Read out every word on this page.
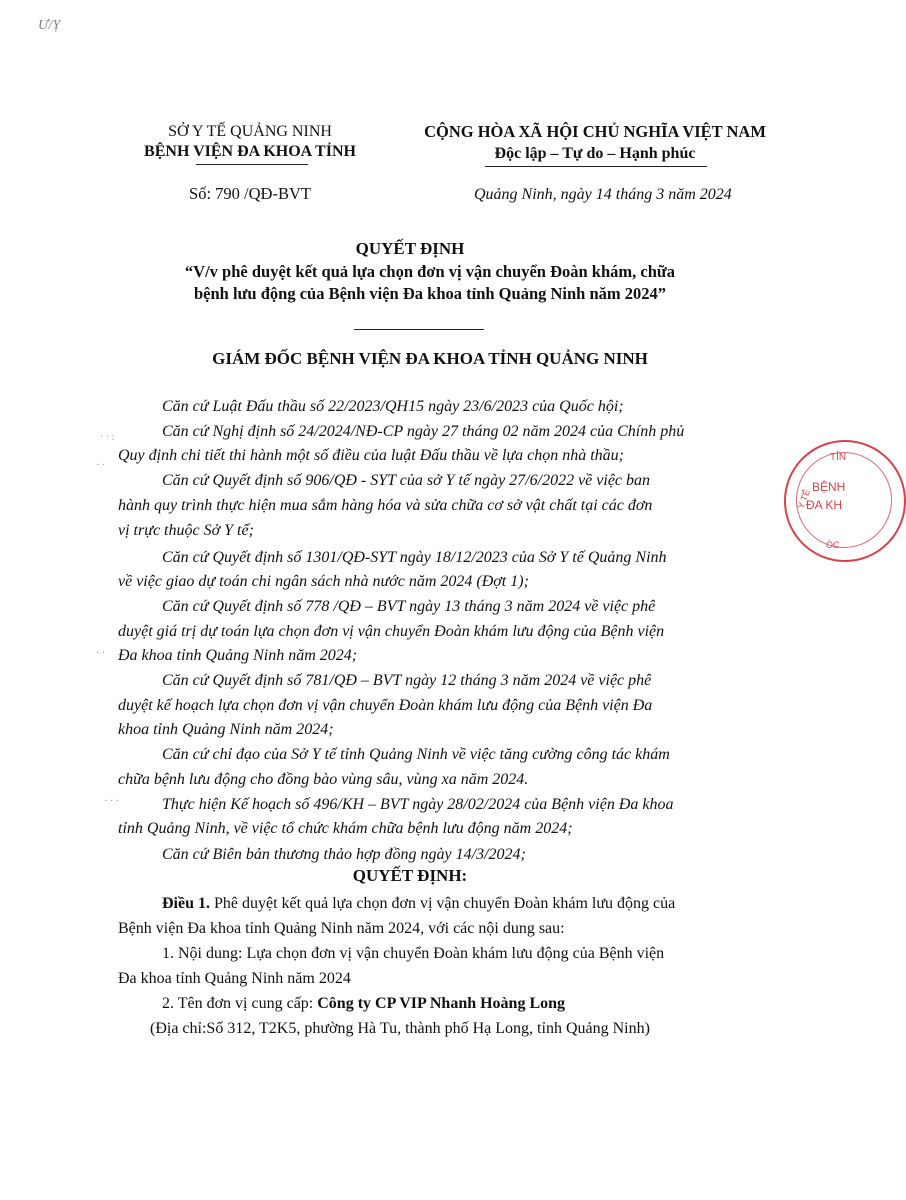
Ư/Ỵ
SỞ Y TẾ QUẢNG NINH
BỆNH VIỆN ĐA KHOA TỈNH
Số: 790 /QĐ-BVT
CỘNG HÒA XÃ HỘI CHỦ NGHĨA VIỆT NAM
Độc lập – Tự do – Hạnh phúc
Quảng Ninh, ngày 14 tháng 3 năm 2024
QUYẾT ĐỊNH
“V/v phê duyệt kết quả lựa chọn đơn vị vận chuyển Đoàn khám, chữa
bệnh lưu động của Bệnh viện Đa khoa tỉnh Quảng Ninh năm 2024”
GIÁM ĐỐC BỆNH VIỆN ĐA KHOA TỈNH QUẢNG NINH
Căn cứ Luật Đấu thầu số 22/2023/QH15 ngày 23/6/2023 của Quốc hội;
Căn cứ Nghị định số 24/2024/NĐ-CP ngày 27 tháng 02 năm 2024 của Chính phủ
Quy định chi tiết thi hành một số điều của luật Đấu thầu về lựa chọn nhà thầu;
Căn cứ Quyết định số 906/QĐ - SYT của sở Y tế ngày 27/6/2022 về việc ban
hành quy trình thực hiện mua sắm hàng hóa và sửa chữa cơ sở vật chất tại các đơn
vị trực thuộc Sở Y tế;
Căn cứ Quyết định số 1301/QĐ-SYT ngày 18/12/2023 của Sở Y tế Quảng Ninh
về việc giao dự toán chi ngân sách nhà nước năm 2024 (Đợt 1);
Căn cứ Quyết định số 778 /QĐ – BVT ngày 13 tháng 3 năm 2024 về việc phê
duyệt giá trị dự toán lựa chọn đơn vị vận chuyển Đoàn khám lưu động của Bệnh viện
Đa khoa tỉnh Quảng Ninh năm 2024;
Căn cứ Quyết định số 781/QĐ – BVT ngày 12 tháng 3 năm 2024 về việc phê
duyệt kế hoạch lựa chọn đơn vị vận chuyển Đoàn khám lưu động của Bệnh viện Đa
khoa tỉnh Quảng Ninh năm 2024;
Căn cứ chỉ đạo của Sở Y tế tỉnh Quảng Ninh về việc tăng cường công tác khám
chữa bệnh lưu động cho đồng bào vùng sâu, vùng xa năm 2024.
Thực hiện Kế hoạch số 496/KH – BVT ngày 28/02/2024 của Bệnh viện Đa khoa
tỉnh Quảng Ninh, về việc tổ chức khám chữa bệnh lưu động năm 2024;
Căn cứ Biên bản thương thảo hợp đồng ngày 14/3/2024;
QUYẾT ĐỊNH:
Điều 1. Phê duyệt kết quả lựa chọn đơn vị vận chuyển Đoàn khám lưu động của
Bệnh viện Đa khoa tỉnh Quảng Ninh năm 2024, với các nội dung sau:
1. Nội dung: Lựa chọn đơn vị vận chuyển Đoàn khám lưu động của Bệnh viện
Đa khoa tỉnh Quảng Ninh năm 2024
2. Tên đơn vị cung cấp: Công ty CP VIP Nhanh Hoàng Long
(Địa chỉ:Số 312, T2K5, phường Hà Tu, thành phố Hạ Long, tỉnh Quảng Ninh)
TỈN
Y TẾ
BỆNH
ĐA KH
ÒC
· · :
· ·
· ·
· · ·
